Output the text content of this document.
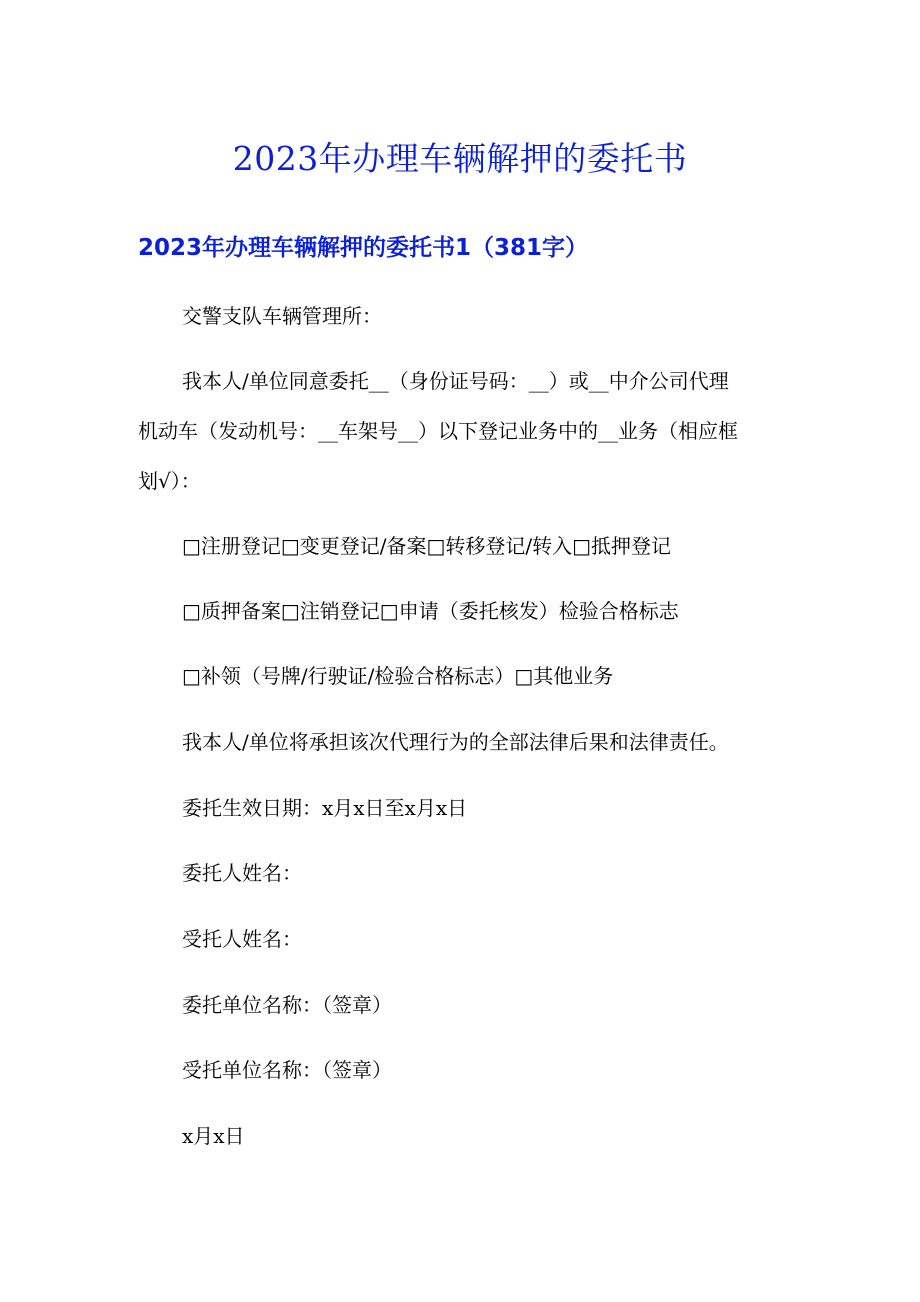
2023年办理车辆解押的委托书
2023年办理车辆解押的委托书1（381字）

交警支队车辆管理所：

我本人/单位同意委托__（身份证号码：__）或__中介公司代理
机动车（发动机号：__车架号__）以下登记业务中的__业务（相应框
划√）：

□注册登记□变更登记/备案□转移登记/转入□抵押登记

□质押备案□注销登记□申请（委托核发）检验合格标志

□补领（号牌/行驶证/检验合格标志）□其他业务

我本人/单位将承担该次代理行为的全部法律后果和法律责任。

委托生效日期：x月x日至x月x日

委托人姓名：

受托人姓名：

委托单位名称：（签章）

受托单位名称：（签章）

x月x日
